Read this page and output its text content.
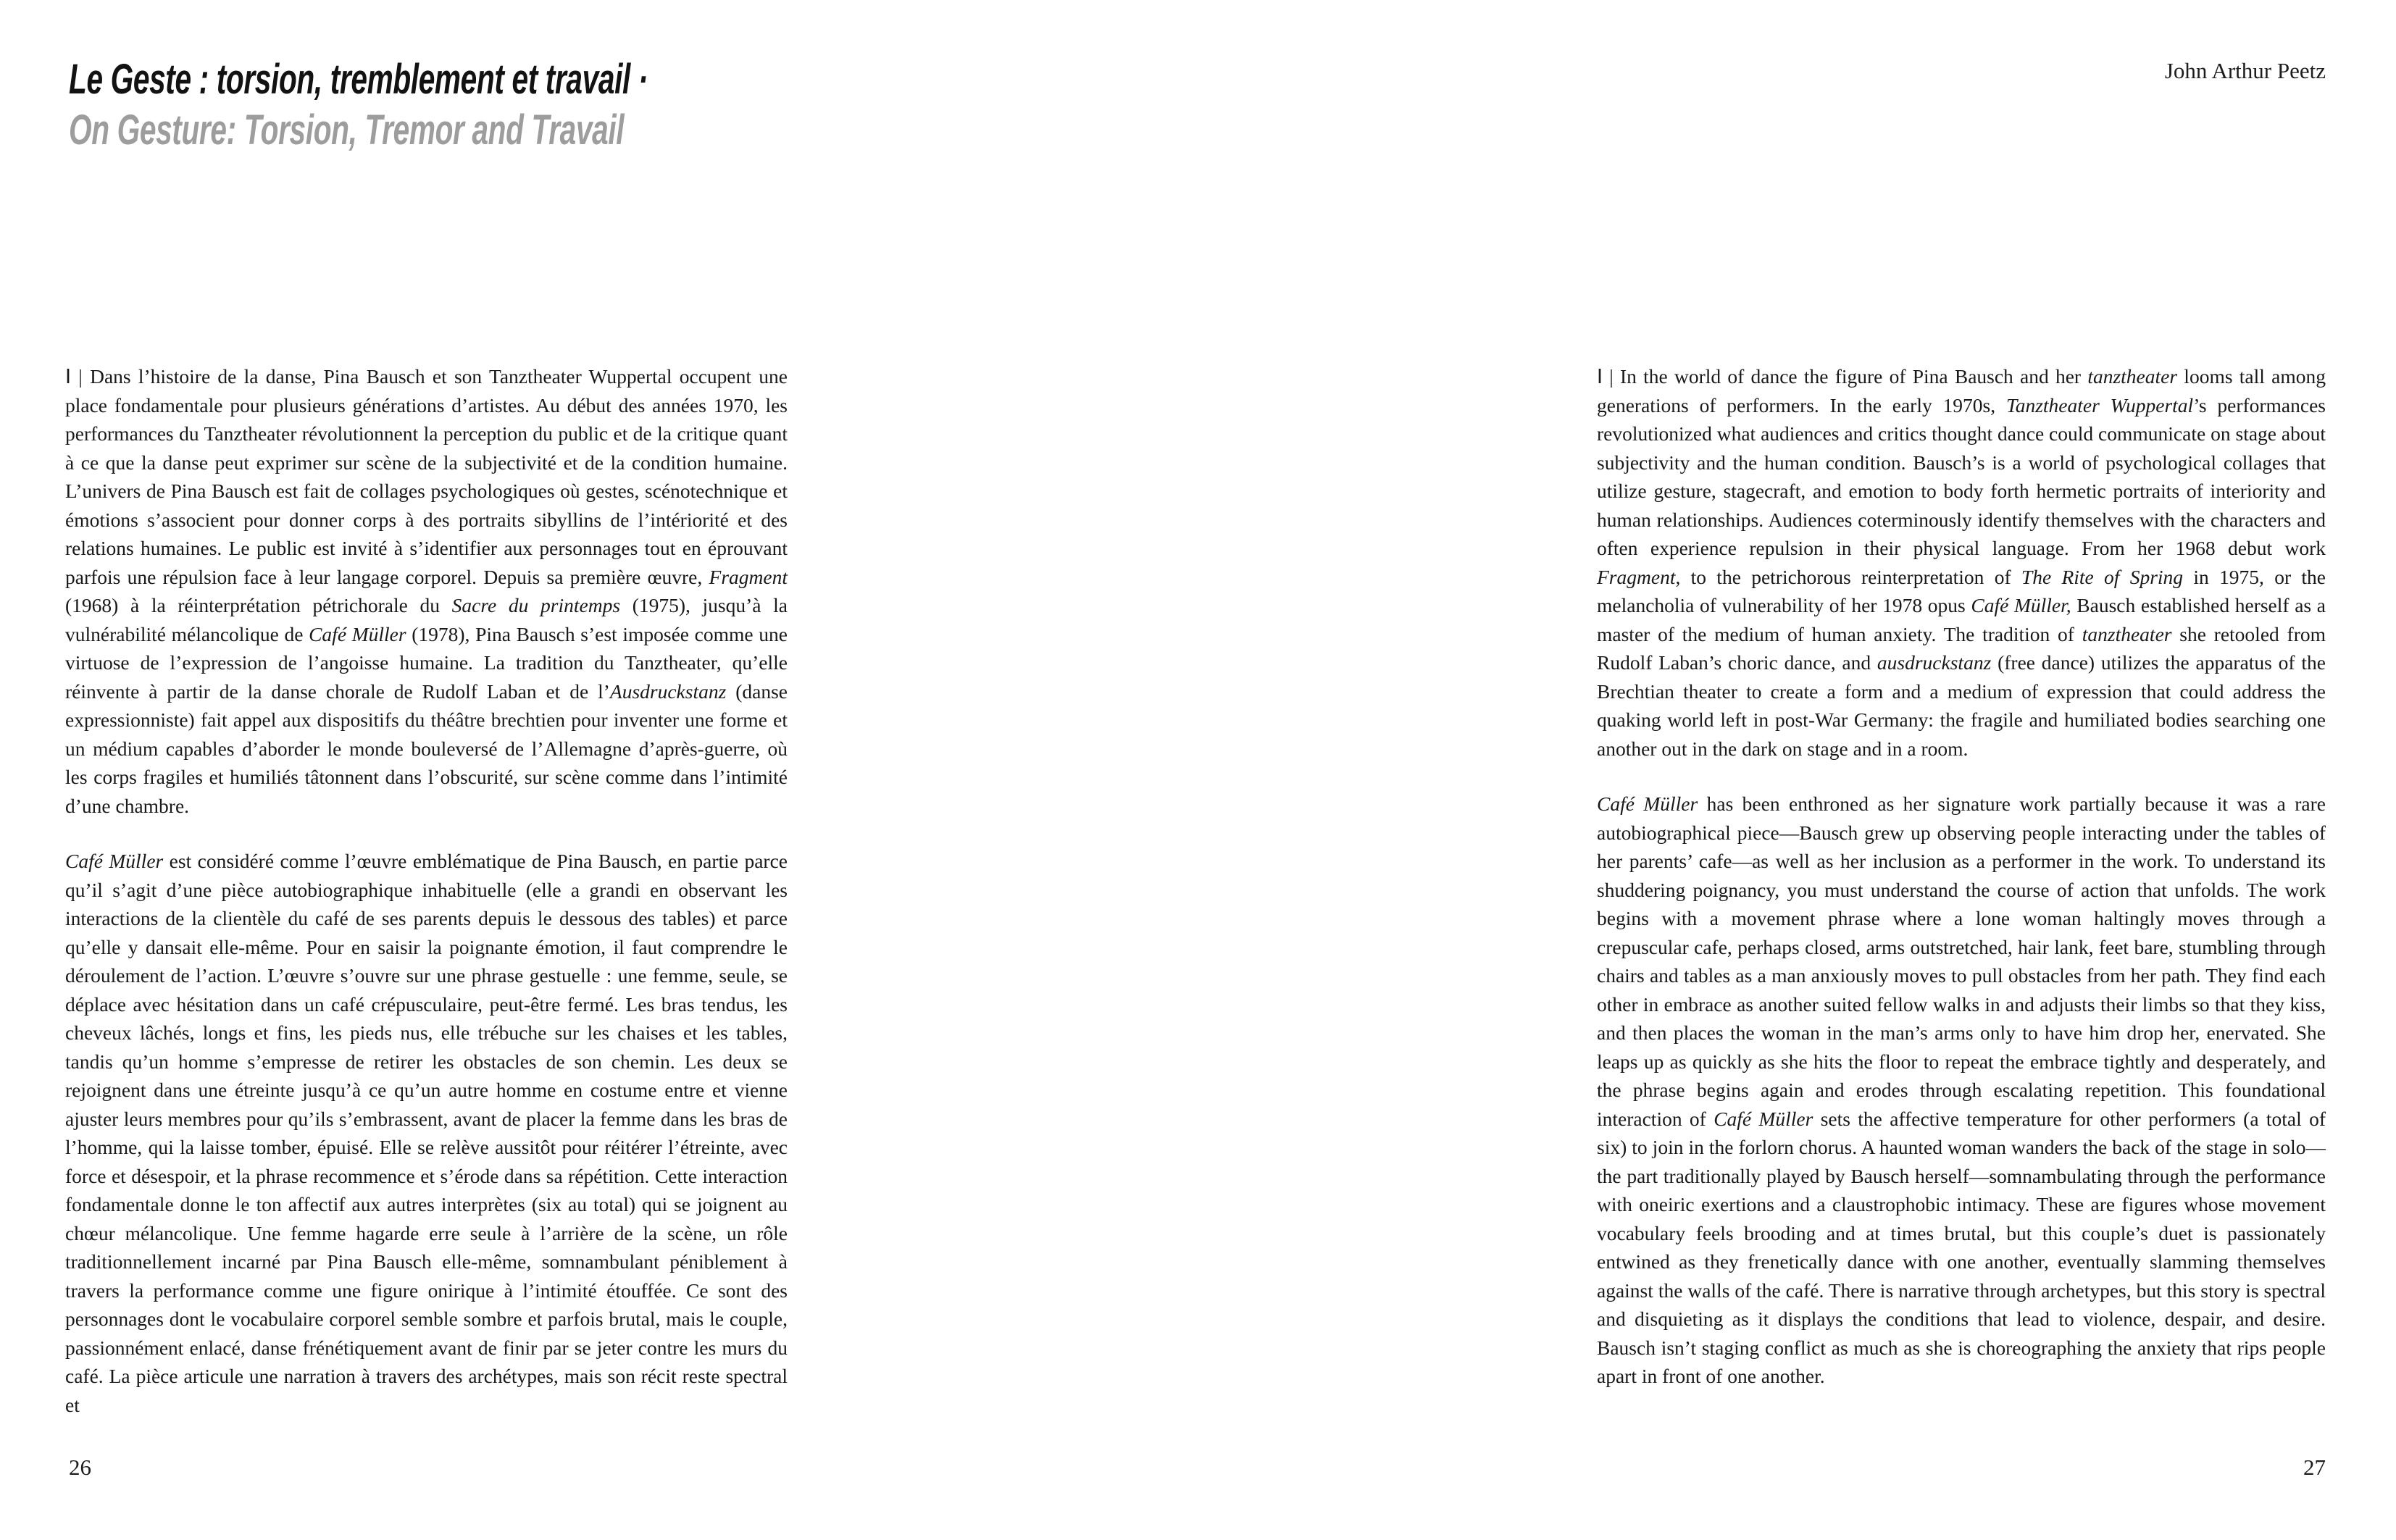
Le Geste : torsion, tremblement et travail ·
On Gesture: Torsion, Tremor and Travail
John Arthur Peetz

I | Dans l’histoire de la danse, Pina Bausch et son Tanztheater Wuppertal occupent une place fondamentale pour plusieurs générations d’artistes. Au début des années 1970, les performances du Tanztheater révolutionnent la perception du public et de la critique quant à ce que la danse peut exprimer sur scène de la subjectivité et de la condition humaine. L’univers de Pina Bausch est fait de collages psychologiques où gestes, scénotechnique et émotions s’associent pour donner corps à des portraits sibyllins de l’intériorité et des relations humaines. Le public est invité à s’identifier aux personnages tout en éprouvant parfois une répulsion face à leur langage corporel. Depuis sa première œuvre, Fragment (1968) à la réinterprétation pétrichorale du Sacre du printemps (1975), jusqu’à la vulnérabilité mélancolique de Café Müller (1978), Pina Bausch s’est imposée comme une virtuose de l’expression de l’angoisse humaine. La tradition du Tanztheater, qu’elle réinvente à partir de la danse chorale de Rudolf Laban et de l’Ausdruckstanz (danse expressionniste) fait appel aux dispositifs du théâtre brechtien pour inventer une forme et un médium capables d’aborder le monde bouleversé de l’Allemagne d’après-guerre, où les corps fragiles et humiliés tâtonnent dans l’obscurité, sur scène comme dans l’intimité d’une chambre.

Café Müller est considéré comme l’œuvre emblématique de Pina Bausch, en partie parce qu’il s’agit d’une pièce autobiographique inhabituelle (elle a grandi en observant les interactions de la clientèle du café de ses parents depuis le dessous des tables) et parce qu’elle y dansait elle-même. Pour en saisir la poignante émotion, il faut comprendre le déroulement de l’action. L’œuvre s’ouvre sur une phrase gestuelle : une femme, seule, se déplace avec hésitation dans un café crépusculaire, peut-être fermé. Les bras tendus, les cheveux lâchés, longs et fins, les pieds nus, elle trébuche sur les chaises et les tables, tandis qu’un homme s’empresse de retirer les obstacles de son chemin. Les deux se rejoignent dans une étreinte jusqu’à ce qu’un autre homme en costume entre et vienne ajuster leurs membres pour qu’ils s’embrassent, avant de placer la femme dans les bras de l’homme, qui la laisse tomber, épuisé. Elle se relève aussitôt pour réitérer l’étreinte, avec force et désespoir, et la phrase recommence et s’érode dans sa répétition. Cette interaction fondamentale donne le ton affectif aux autres interprètes (six au total) qui se joignent au chœur mélancolique. Une femme hagarde erre seule à l’arrière de la scène, un rôle traditionnellement incarné par Pina Bausch elle-même, somnambulant péniblement à travers la performance comme une figure onirique à l’intimité étouffée. Ce sont des personnages dont le vocabulaire corporel semble sombre et parfois brutal, mais le couple, passionnément enlacé, danse frénétiquement avant de finir par se jeter contre les murs du café. La pièce articule une narration à travers des archétypes, mais son récit reste spectral et

I | In the world of dance the figure of Pina Bausch and her tanztheater looms tall among generations of performers. In the early 1970s, Tanztheater Wuppertal’s performances revolutionized what audiences and critics thought dance could communicate on stage about subjectivity and the human condition. Bausch’s is a world of psychological collages that utilize gesture, stagecraft, and emotion to body forth hermetic portraits of interiority and human relationships. Audiences coterminously identify themselves with the characters and often experience repulsion in their physical language. From her 1968 debut work Fragment, to the petrichorous reinterpretation of The Rite of Spring in 1975, or the melancholia of vulnerability of her 1978 opus Café Müller, Bausch established herself as a master of the medium of human anxiety. The tradition of tanztheater she retooled from Rudolf Laban’s choric dance, and ausdruckstanz (free dance) utilizes the apparatus of the Brechtian theater to create a form and a medium of expression that could address the quaking world left in post-War Germany: the fragile and humiliated bodies searching one another out in the dark on stage and in a room.

Café Müller has been enthroned as her signature work partially because it was a rare autobiographical piece—Bausch grew up observing people interacting under the tables of her parents’ cafe—as well as her inclusion as a performer in the work. To understand its shuddering poignancy, you must understand the course of action that unfolds. The work begins with a movement phrase where a lone woman haltingly moves through a crepuscular cafe, perhaps closed, arms outstretched, hair lank, feet bare, stumbling through chairs and tables as a man anxiously moves to pull obstacles from her path. They find each other in embrace as another suited fellow walks in and adjusts their limbs so that they kiss, and then places the woman in the man’s arms only to have him drop her, enervated. She leaps up as quickly as she hits the floor to repeat the embrace tightly and desperately, and the phrase begins again and erodes through escalating repetition. This foundational interaction of Café Müller sets the affective temperature for other performers (a total of six) to join in the forlorn chorus. A haunted woman wanders the back of the stage in solo—the part traditionally played by Bausch herself—somnambulating through the performance with oneiric exertions and a claustrophobic intimacy. These are figures whose movement vocabulary feels brooding and at times brutal, but this couple’s duet is passionately entwined as they frenetically dance with one another, eventually slamming themselves against the walls of the café. There is narrative through archetypes, but this story is spectral and disquieting as it displays the conditions that lead to violence, despair, and desire. Bausch isn’t staging conflict as much as she is choreographing the anxiety that rips people apart in front of one another.

26	27
